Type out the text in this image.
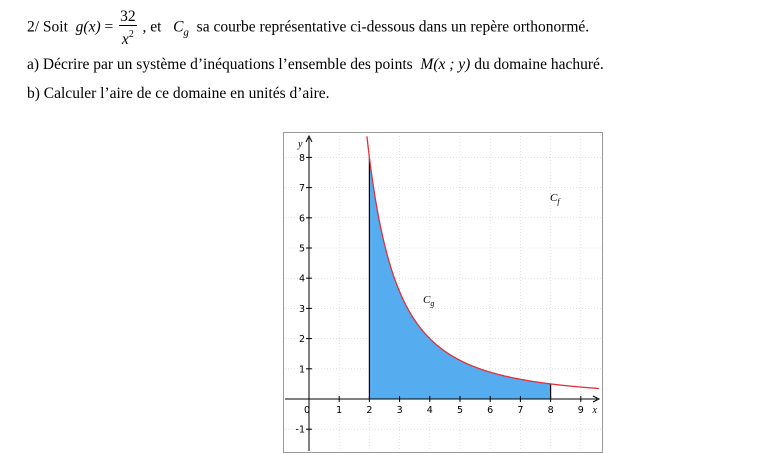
2/ Soit $g(x) = \frac{32}{x^2}$ , et $C_g$ sa courbe représentative ci-dessous dans un repère orthonormé.
a) Décrire par un système d’inéquations l’ensemble des points M(x ; y) du domaine hachuré.
b) Calculer l’aire de ce domaine en unités d’aire.
0	1	2	3	4	5	6	7	8	9
-1
1
2
3
4
5
6
7
8
x
y
$C_g$
$C_f$
